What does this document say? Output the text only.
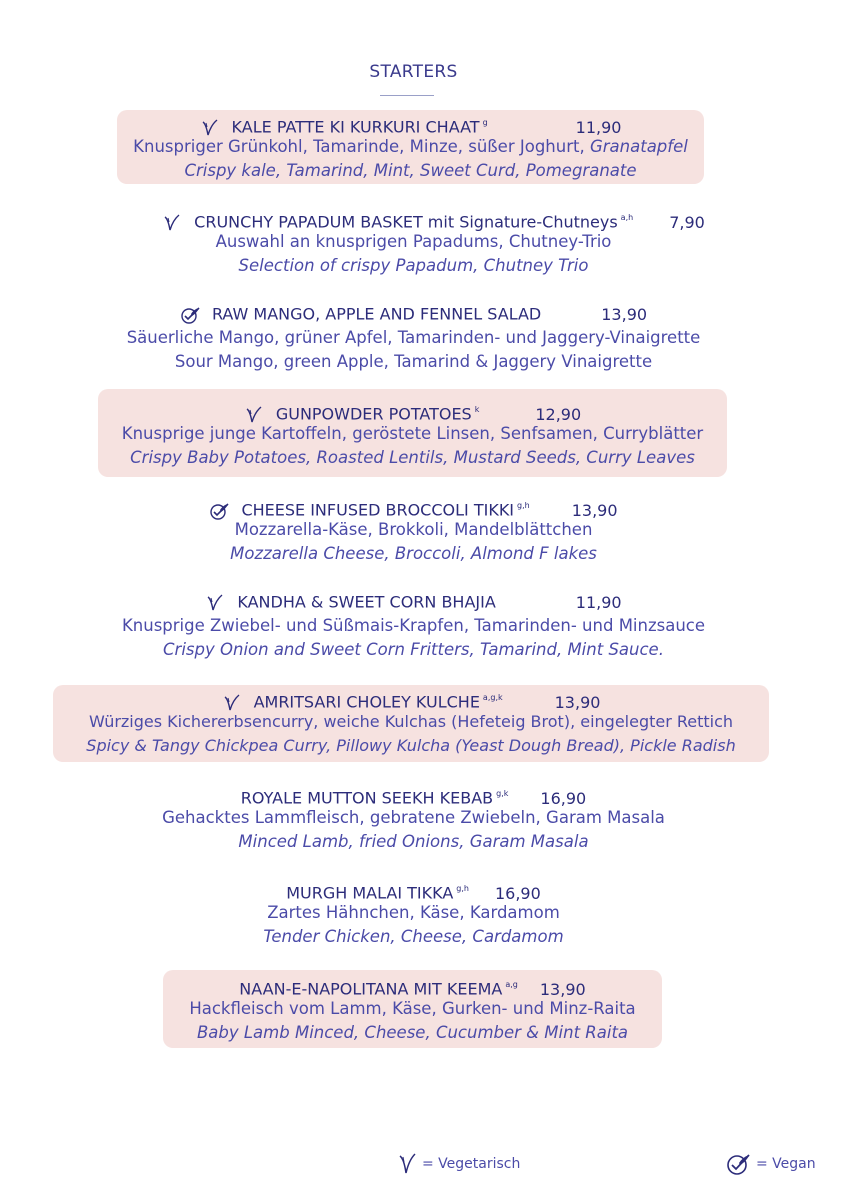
STARTERS
KALE PATTE KI KURKURI CHAAT $^g$	11,90
Knuspriger Grünkohl, Tamarinde, Minze, süßer Joghurt, Granatapfel
Crispy kale, Tamarind, Mint, Sweet Curd, Pomegranate
CRUNCHY PAPADUM BASKET mit Signature-Chutneys $^{a,h}$ 7,90
Auswahl an knusprigen Papadums, Chutney-Trio
Selection of crispy Papadum, Chutney Trio
RAW MANGO, APPLE AND FENNEL SALAD	13,90
Säuerliche Mango, grüner Apfel, Tamarinden- und Jaggery-Vinaigrette
Sour Mango, green Apple, Tamarind & Jaggery Vinaigrette
GUNPOWDER POTATOES $^k$	12,90
Knusprige junge Kartoffeln, geröstete Linsen, Senfsamen, Curryblätter
Crispy Baby Potatoes, Roasted Lentils, Mustard Seeds, Curry Leaves
CHEESE INFUSED BROCCOLI TIKKI $^{g,h}$	13,90
Mozzarella-Käse, Brokkoli, Mandelblättchen
Mozzarella Cheese, Broccoli, Almond F lakes
KANDHA & SWEET CORN BHAJIA	11,90
Knusprige Zwiebel- und Süßmais-Krapfen, Tamarinden- und Minzsauce
Crispy Onion and Sweet Corn Fritters, Tamarind, Mint Sauce.
AMRITSARI CHOLEY KULCHE $^{a,g,k}$	13,90
Würziges Kichererbsencurry, weiche Kulchas (Hefeteig Brot), eingelegter Rettich
Spicy & Tangy Chickpea Curry, Pillowy Kulcha (Yeast Dough Bread), Pickle Radish
ROYALE MUTTON SEEKH KEBAB $^{g,k}$ 16,90
Gehacktes Lammfleisch, gebratene Zwiebeln, Garam Masala
Minced Lamb, fried Onions, Garam Masala
MURGH MALAI TIKKA $^{g,h}$ 16,90
Zartes Hähnchen, Käse, Kardamom
Tender Chicken, Cheese, Cardamom
NAAN-E-NAPOLITANA MIT KEEMA $^{a,g}$ 13,90
Hackfleisch vom Lamm, Käse, Gurken- und Minz-Raita
Baby Lamb Minced, Cheese, Cucumber & Mint Raita
= Vegetarisch	= Vegan
